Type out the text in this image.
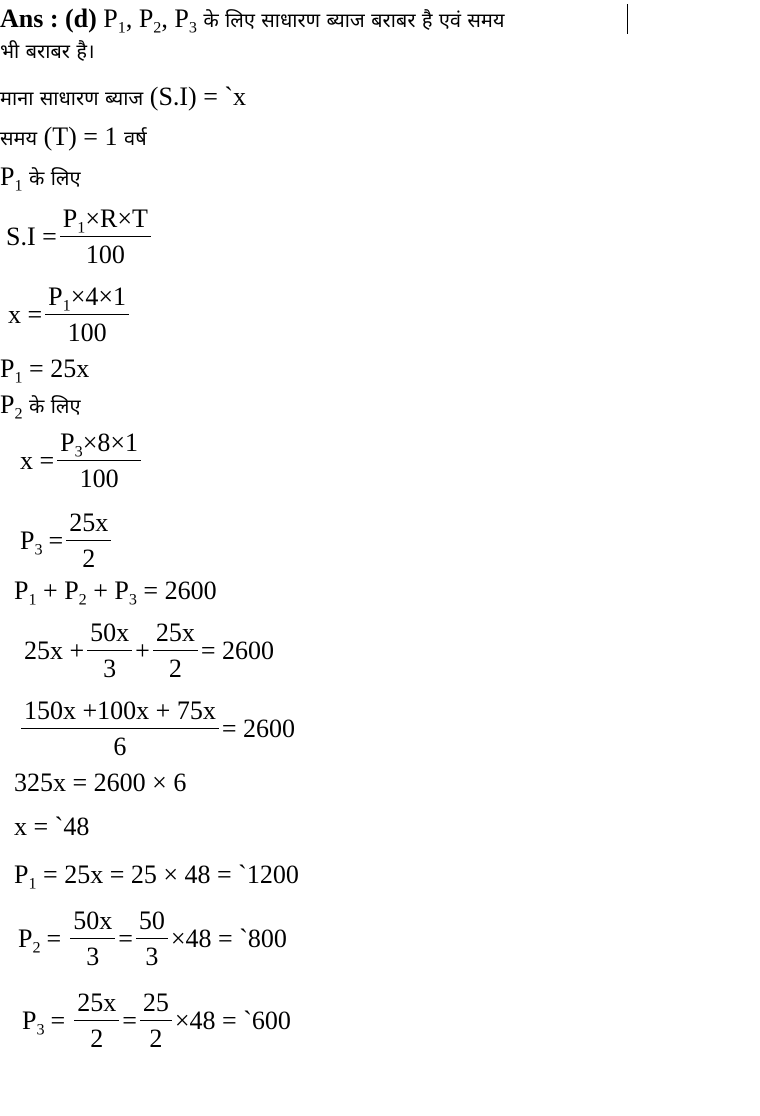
Ans : (d) $P_1$, $P_2$, $P_3$ के लिए साधारण ब्याज बराबर है एवं समय
भी बराबर है।
माना साधारण ब्याज (S.I) = `x
समय (T) = 1 वर्ष
$P_1$ के लिए
$S.I = \frac{P_1\times R\times T}{100}$
$x = \frac{P_1\times 4\times 1}{100}$
$P_1 = 25x$
$P_2$ के लिए
$x = \frac{P_3\times 8\times 1}{100}$
$P_3 = \frac{25x}{2}$
$P_1 + P_2 + P_3 = 2600$
$25x + \frac{50x}{3} + \frac{25x}{2} = 2600$
$\frac{150x +100x + 75x}{6} = 2600$
325x = 2600 × 6
x = `48
$P_1 = 25x = 25 \times 48$ = `1200
$P_2 = \frac{50x}{3} = \frac{50}{3} \times 48$ = `800
$P_3 = \frac{25x}{2} = \frac{25}{2} \times 48$ = `600
